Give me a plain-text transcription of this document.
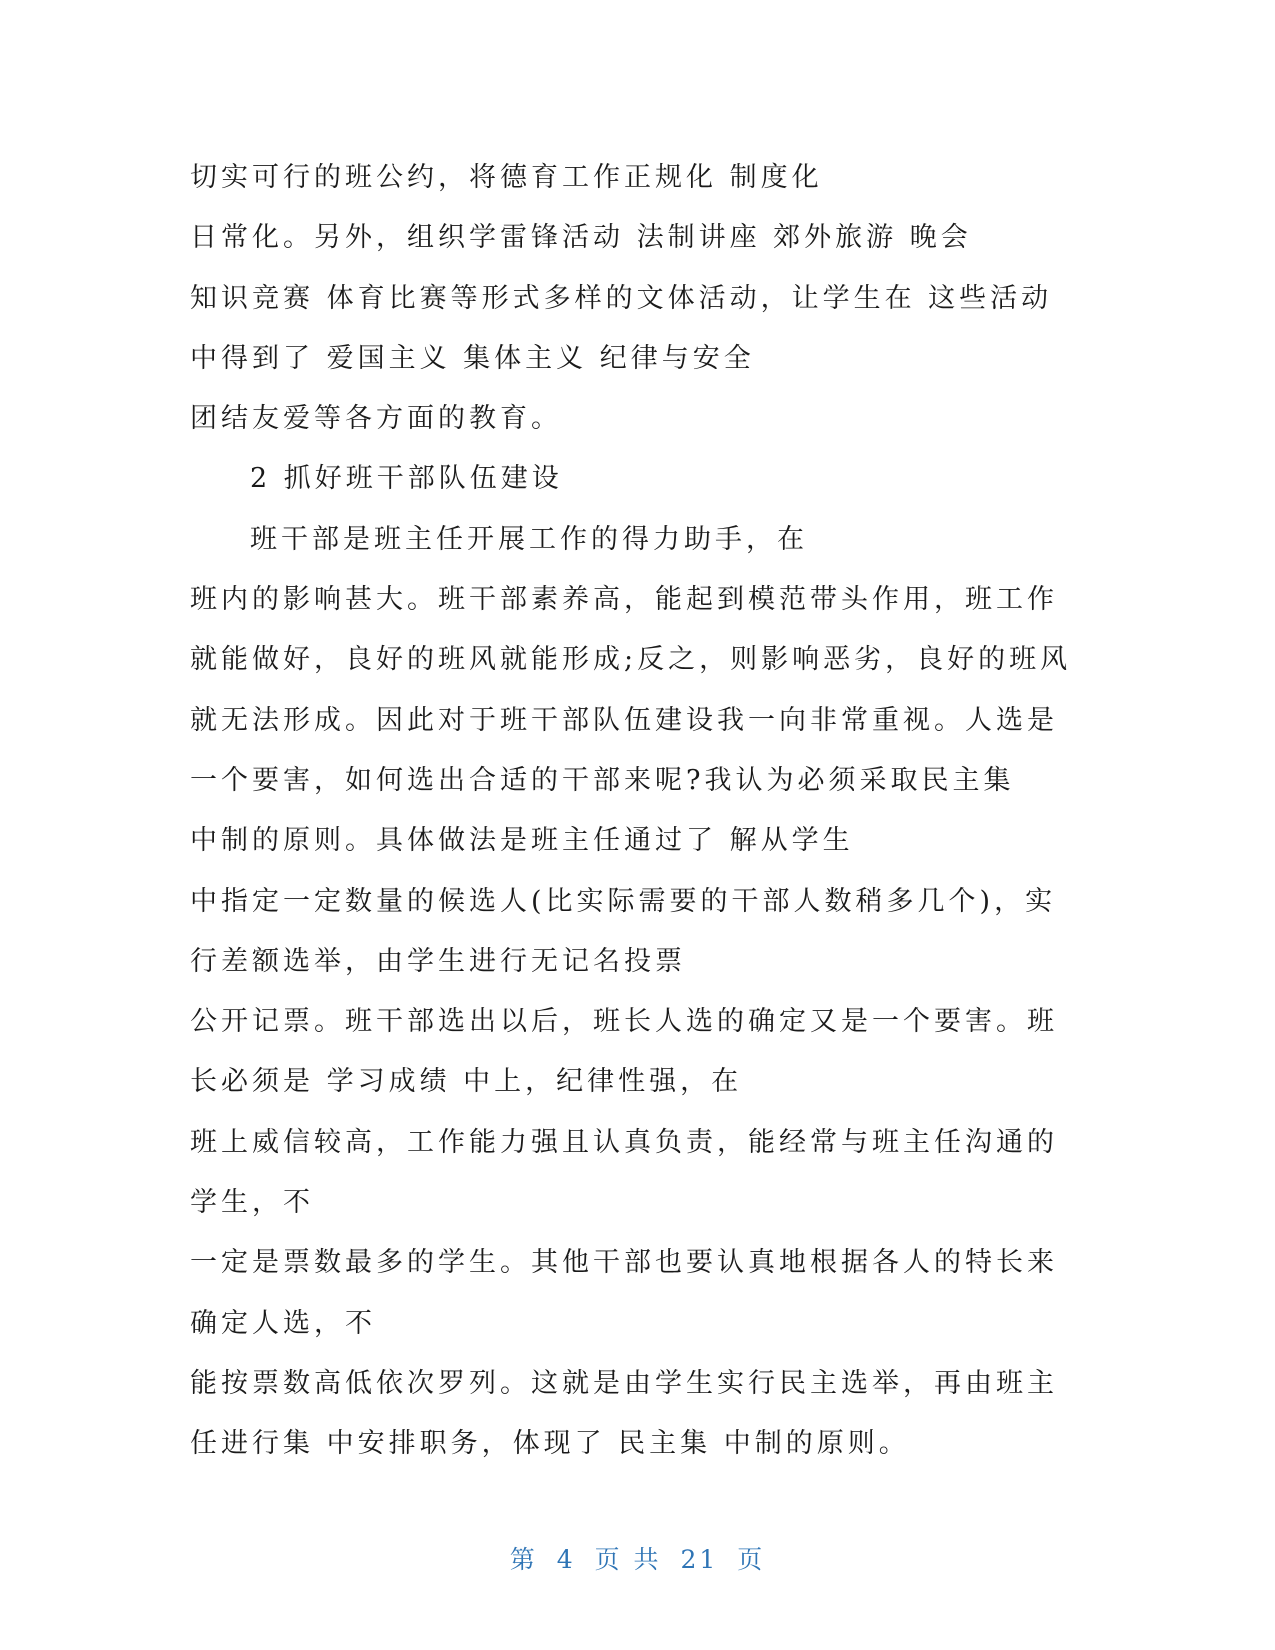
切实可行的班公约，将德育工作正规化 制度化
日常化。另外，组织学雷锋活动 法制讲座 郊外旅游 晚会
知识竞赛 体育比赛等形式多样的文体活动，让学生在 这些活动
中得到了 爱国主义 集体主义 纪律与安全
团结友爱等各方面的教育。
2 抓好班干部队伍建设
班干部是班主任开展工作的得力助手，在
班内的影响甚大。班干部素养高，能起到模范带头作用，班工作
就能做好，良好的班风就能形成;反之，则影响恶劣，良好的班风
就无法形成。因此对于班干部队伍建设我一向非常重视。人选是
一个要害，如何选出合适的干部来呢?我认为必须采取民主集
中制的原则。具体做法是班主任通过了 解从学生
中指定一定数量的候选人(比实际需要的干部人数稍多几个)，实
行差额选举，由学生进行无记名投票
公开记票。班干部选出以后，班长人选的确定又是一个要害。班
长必须是 学习成绩 中上，纪律性强，在
班上威信较高，工作能力强且认真负责，能经常与班主任沟通的
学生，不
一定是票数最多的学生。其他干部也要认真地根据各人的特长来
确定人选，不
能按票数高低依次罗列。这就是由学生实行民主选举，再由班主
任进行集 中安排职务，体现了 民主集 中制的原则。
第 4 页 共 21 页
